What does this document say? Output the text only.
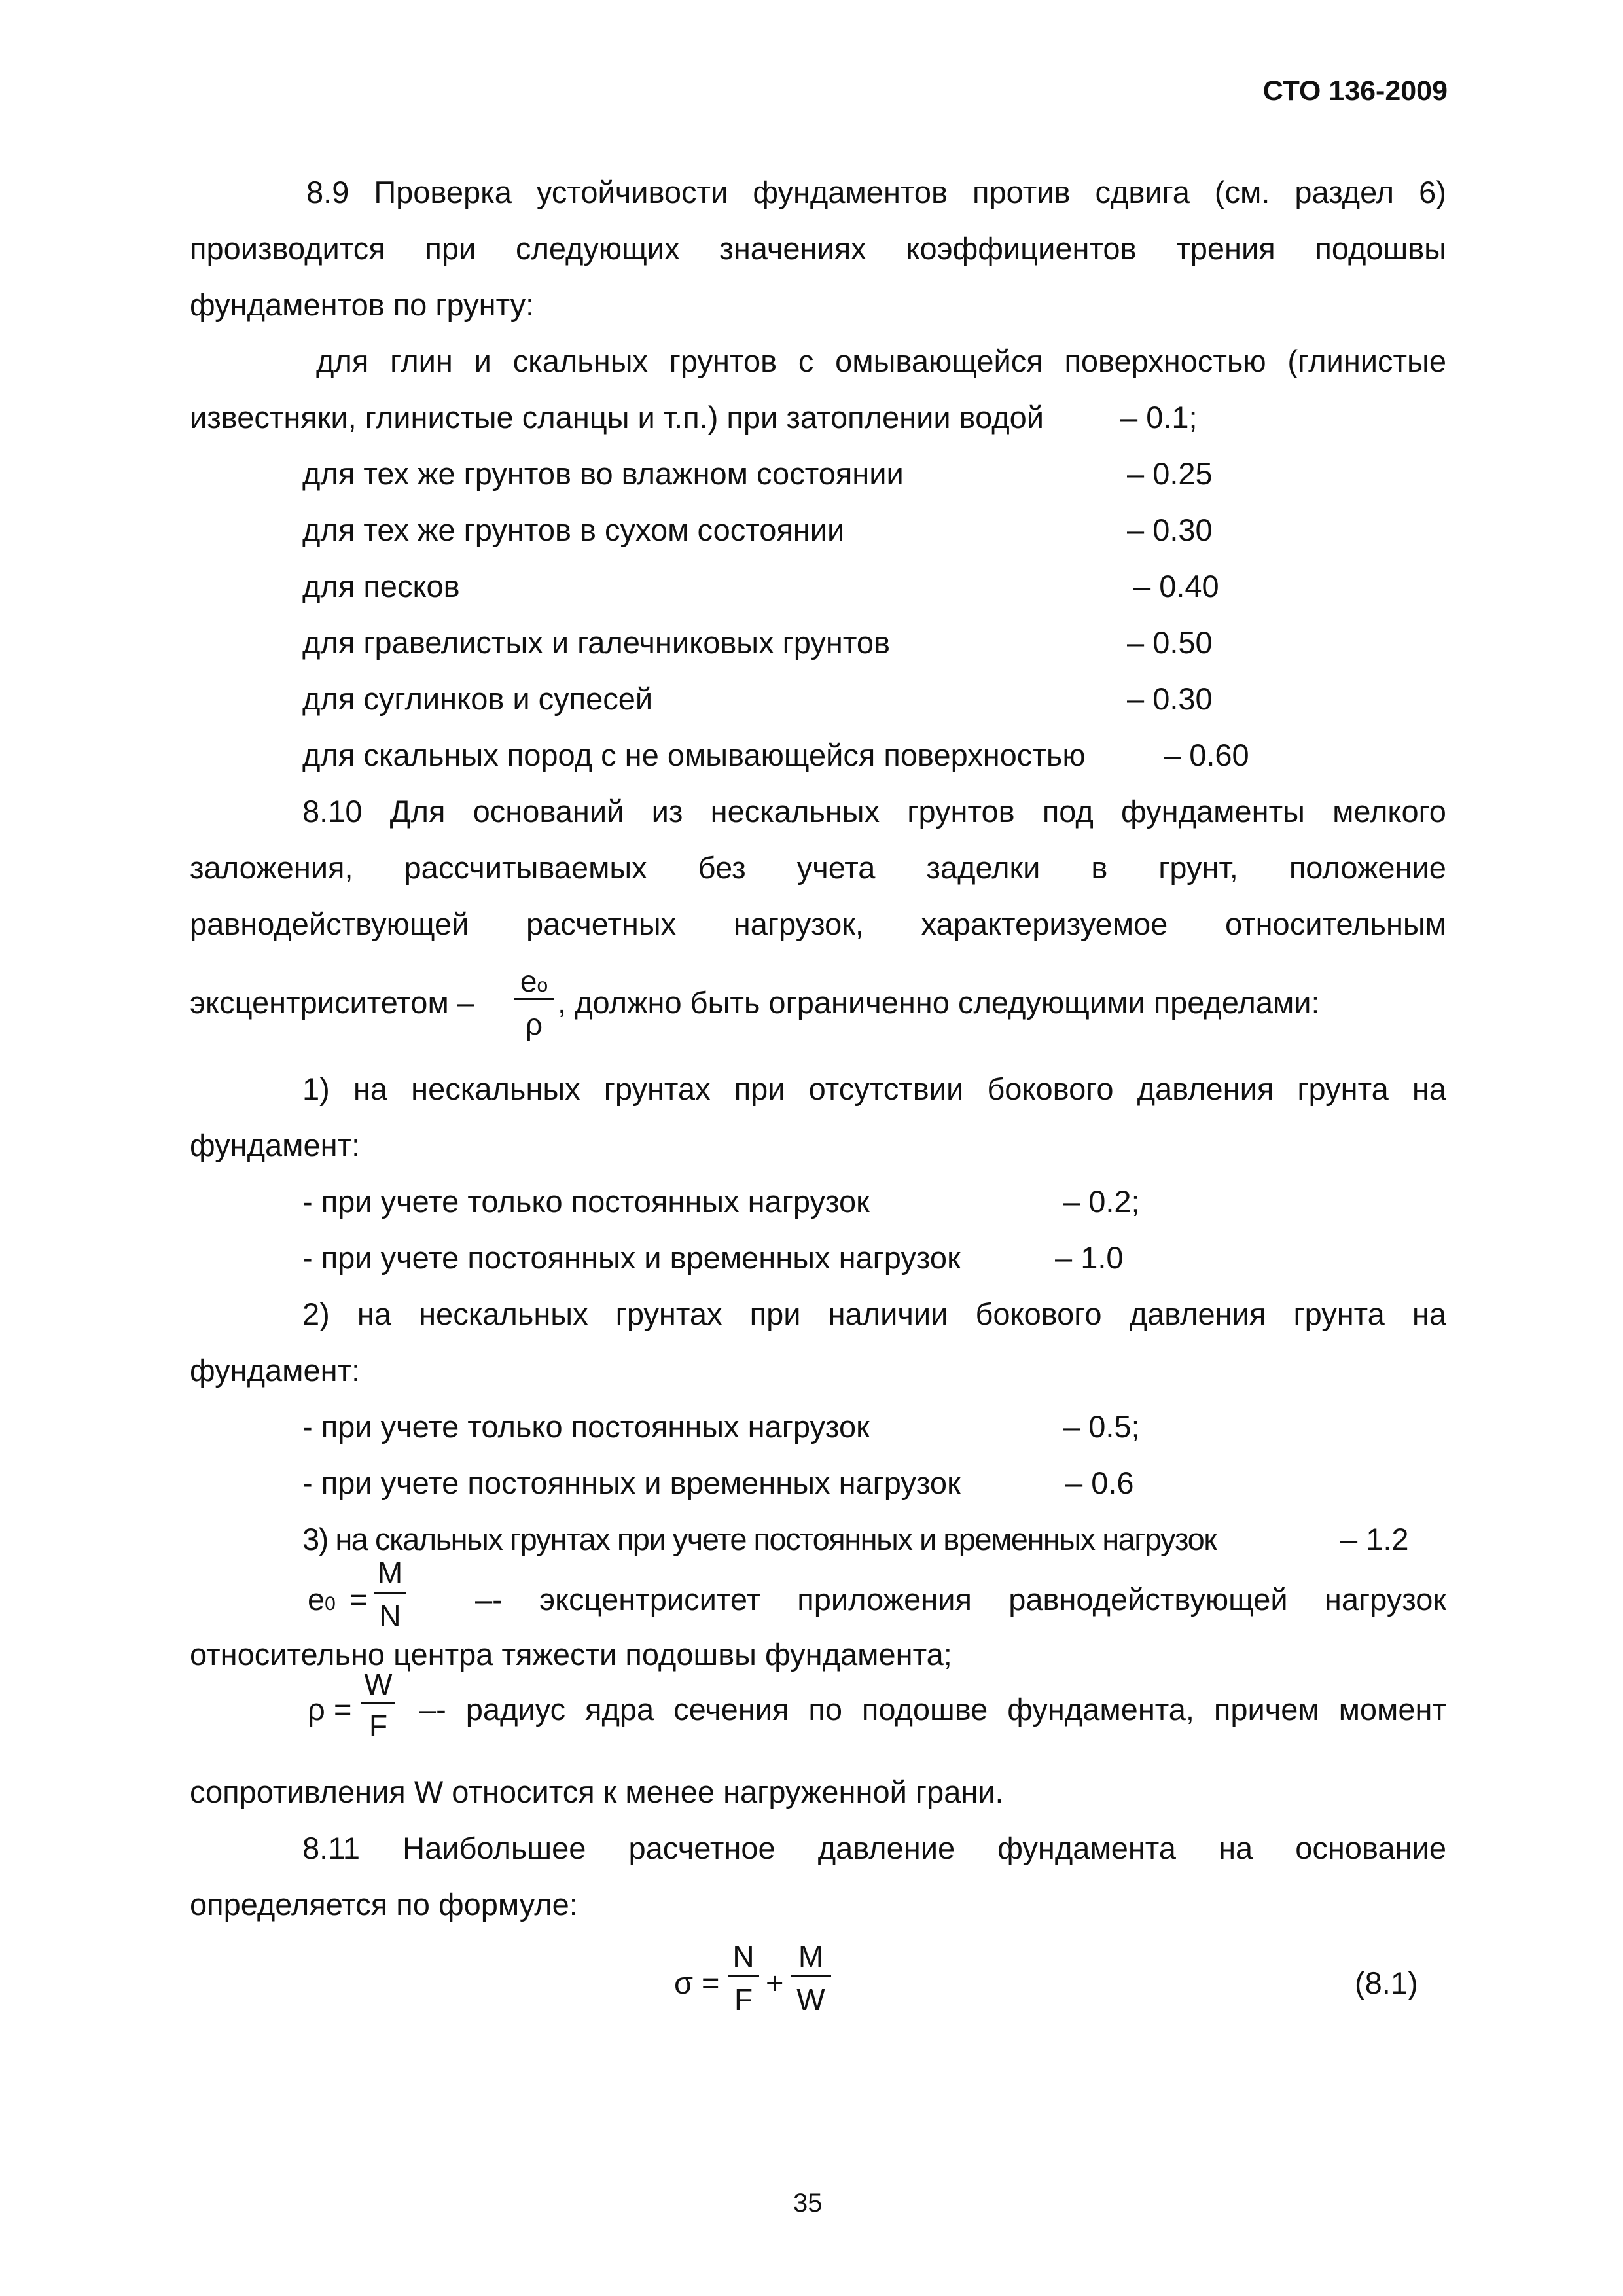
СТО 136-2009
8.9 Проверка устойчивости фундаментов против сдвига (см. раздел 6)
производится при следующих значениях коэффициентов трения подошвы
фундаментов по грунту:
для глин и скальных грунтов с омывающейся поверхностью (глинистые
известняки, глинистые сланцы и т.п.) при затоплении водой – 0.1;
для тех же грунтов во влажном состоянии	– 0.25
для тех же грунтов в сухом состоянии	– 0.30
для песков	– 0.40
для гравелистых и галечниковых грунтов	– 0.50
для суглинков и супесей	– 0.30
для скальных пород с не омывающейся поверхностью	– 0.60
8.10 Для оснований из нескальных грунтов под фундаменты мелкого
заложения, рассчитываемых без учета заделки в грунт, положение
равнодействующей расчетных нагрузок, характеризуемое относительным
эксцентриситетом –
eo
ρ
, должно быть ограниченно следующими пределами:
1) на нескальных грунтах при отсутствии бокового давления грунта на
фундамент:
- при учете только постоянных нагрузок	– 0.2;
- при учете постоянных и временных нагрузок	– 1.0
2) на нескальных грунтах при наличии бокового давления грунта на
фундамент:
- при учете только постоянных нагрузок	– 0.5;
- при учете постоянных и временных нагрузок	– 0.6
3) на скальных грунтах при учете постоянных и временных нагрузок	– 1.2
e0 =
M
N –- эксцентриситет приложения равнодействующей нагрузок
относительно центра тяжести подошвы фундамента;
ρ =
W
F	–- радиус ядра сечения по подошве фундамента, причем момент
сопротивления W относится к менее нагруженной грани.
8.11 Наибольшее расчетное давление фундамента на основание
определяется по формуле:
σ =
N
F +
M
W	(8.1)
35
